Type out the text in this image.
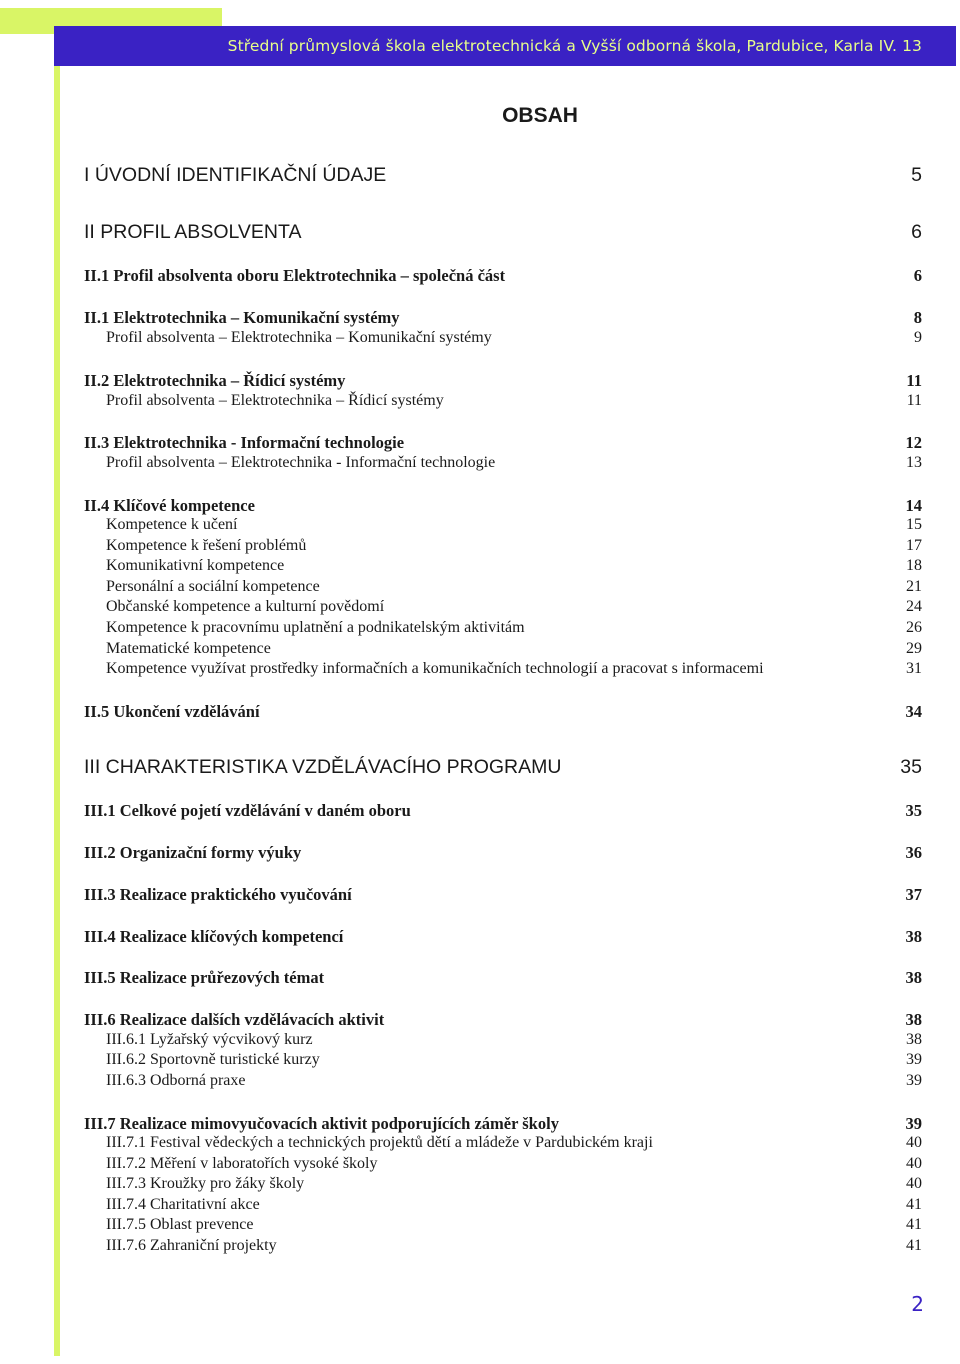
Střední průmyslová škola elektrotechnická a Vyšší odborná škola, Pardubice, Karla IV. 13
OBSAH
I ÚVODNÍ IDENTIFIKAČNÍ ÚDAJE	5
II PROFIL ABSOLVENTA	6
II.1 Profil absolventa oboru Elektrotechnika – společná část	6
II.1 Elektrotechnika – Komunikační systémy	8
Profil absolventa – Elektrotechnika – Komunikační systémy	9
II.2 Elektrotechnika – Řídicí systémy	11
Profil absolventa – Elektrotechnika – Řídicí systémy	11
II.3 Elektrotechnika - Informační technologie	12
Profil absolventa – Elektrotechnika - Informační technologie	13
II.4 Klíčové kompetence	14
Kompetence k učení	15
Kompetence k řešení problémů	17
Komunikativní kompetence	18
Personální a sociální kompetence	21
Občanské kompetence a kulturní povědomí	24
Kompetence k pracovnímu uplatnění a podnikatelským aktivitám	26
Matematické kompetence	29
Kompetence využívat prostředky informačních a komunikačních technologií a pracovat s informacemi	31
II.5 Ukončení vzdělávání	34
III CHARAKTERISTIKA VZDĚLÁVACÍHO PROGRAMU	35
III.1 Celkové pojetí vzdělávání v daném oboru	35
III.2 Organizační formy výuky	36
III.3 Realizace praktického vyučování	37
III.4 Realizace klíčových kompetencí	38
III.5 Realizace průřezových témat	38
III.6 Realizace dalších vzdělávacích aktivit	38
III.6.1 Lyžařský výcvikový kurz	38
III.6.2 Sportovně turistické kurzy	39
III.6.3 Odborná praxe	39
III.7 Realizace mimovyučovacích aktivit podporujících záměr školy	39
III.7.1 Festival vědeckých a technických projektů dětí a mládeže v Pardubickém kraji	40
III.7.2 Měření v laboratořích vysoké školy	40
III.7.3 Kroužky pro žáky školy	40
III.7.4 Charitativní akce	41
III.7.5 Oblast prevence	41
III.7.6 Zahraniční projekty	41
2
